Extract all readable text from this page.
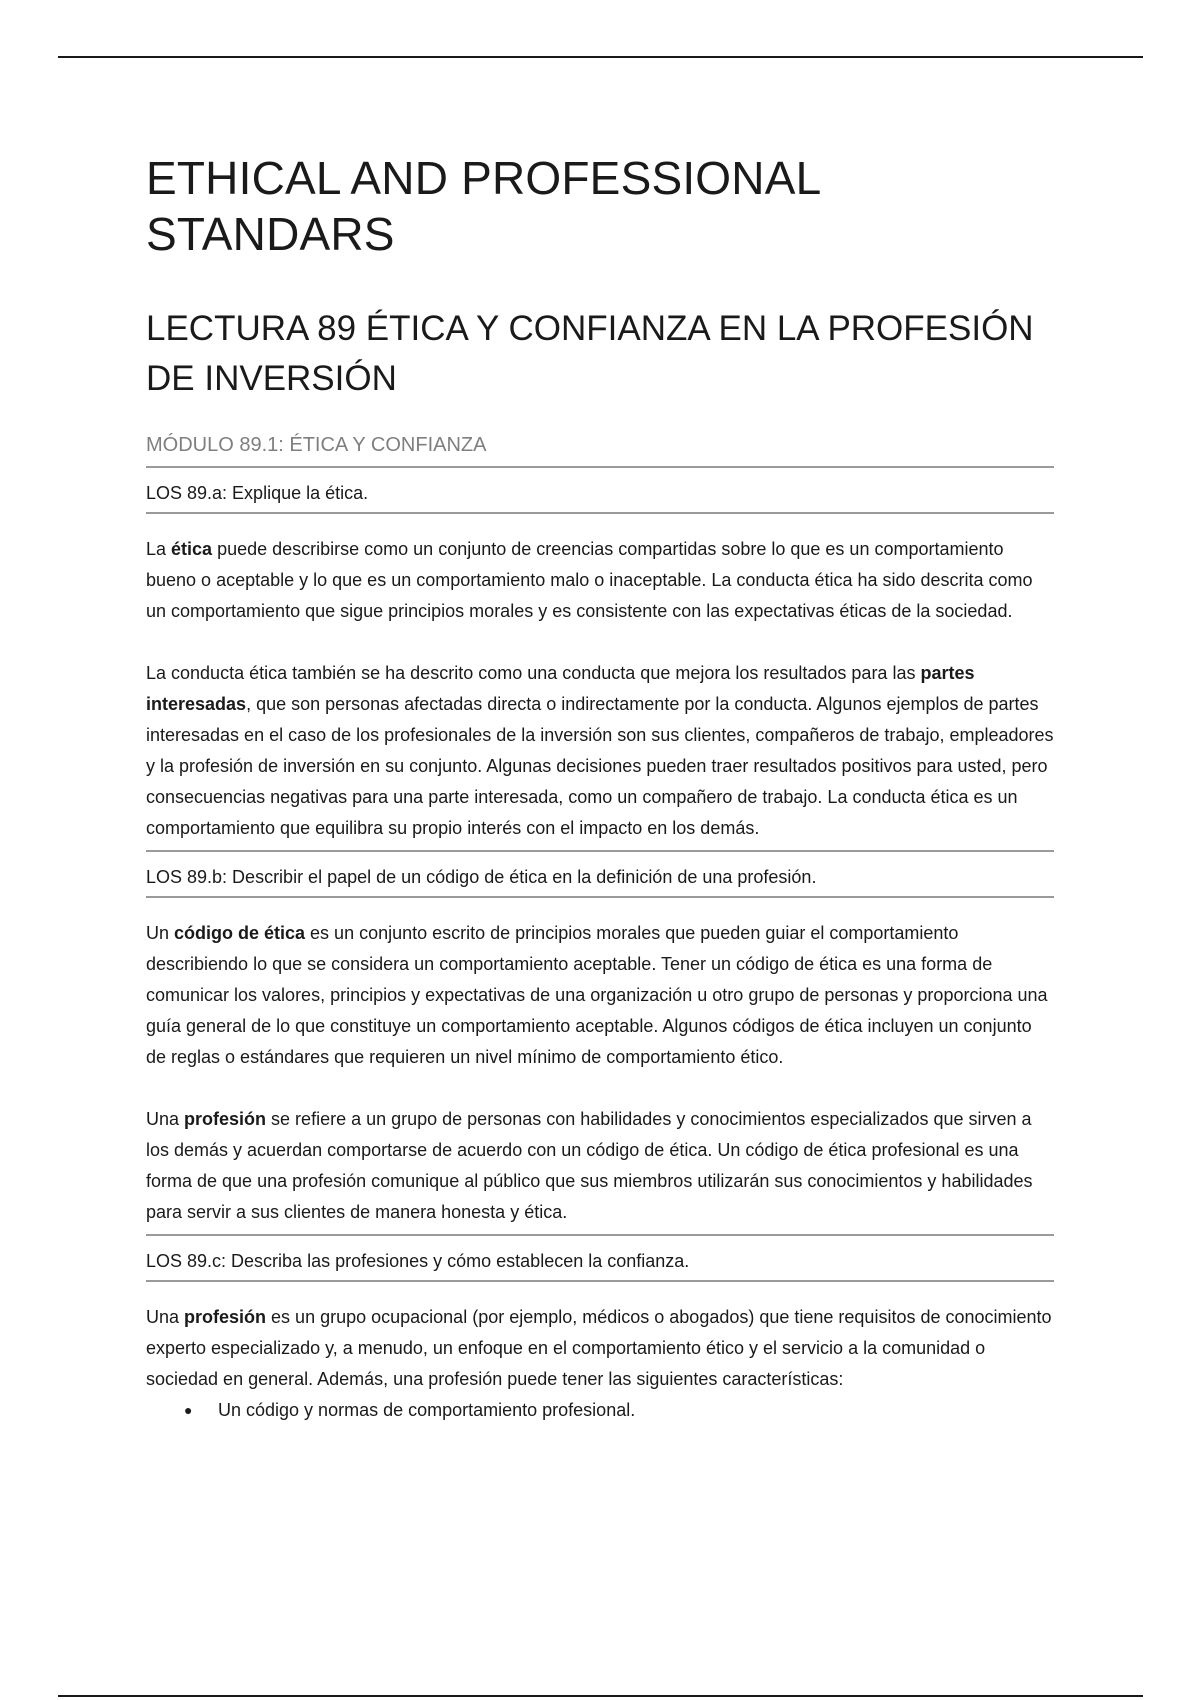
ETHICAL AND PROFESSIONAL STANDARS
LECTURA 89 ÉTICA Y CONFIANZA EN LA PROFESIÓN DE INVERSIÓN
MÓDULO 89.1: ÉTICA Y CONFIANZA
LOS 89.a: Explique la ética.

La ética puede describirse como un conjunto de creencias compartidas sobre lo que es un comportamiento bueno o aceptable y lo que es un comportamiento malo o inaceptable. La conducta ética ha sido descrita como un comportamiento que sigue principios morales y es consistente con las expectativas éticas de la sociedad.

La conducta ética también se ha descrito como una conducta que mejora los resultados para las partes interesadas, que son personas afectadas directa o indirectamente por la conducta. Algunos ejemplos de partes interesadas en el caso de los profesionales de la inversión son sus clientes, compañeros de trabajo, empleadores y la profesión de inversión en su conjunto. Algunas decisiones pueden traer resultados positivos para usted, pero consecuencias negativas para una parte interesada, como un compañero de trabajo. La conducta ética es un comportamiento que equilibra su propio interés con el impacto en los demás.

LOS 89.b: Describir el papel de un código de ética en la definición de una profesión.

Un código de ética es un conjunto escrito de principios morales que pueden guiar el comportamiento describiendo lo que se considera un comportamiento aceptable. Tener un código de ética es una forma de comunicar los valores, principios y expectativas de una organización u otro grupo de personas y proporciona una guía general de lo que constituye un comportamiento aceptable. Algunos códigos de ética incluyen un conjunto de reglas o estándares que requieren un nivel mínimo de comportamiento ético.

Una profesión se refiere a un grupo de personas con habilidades y conocimientos especializados que sirven a los demás y acuerdan comportarse de acuerdo con un código de ética. Un código de ética profesional es una forma de que una profesión comunique al público que sus miembros utilizarán sus conocimientos y habilidades para servir a sus clientes de manera honesta y ética.

LOS 89.c: Describa las profesiones y cómo establecen la confianza.

Una profesión es un grupo ocupacional (por ejemplo, médicos o abogados) que tiene requisitos de conocimiento experto especializado y, a menudo, un enfoque en el comportamiento ético y el servicio a la comunidad o sociedad en general. Además, una profesión puede tener las siguientes características:

● Un código y normas de comportamiento profesional.
